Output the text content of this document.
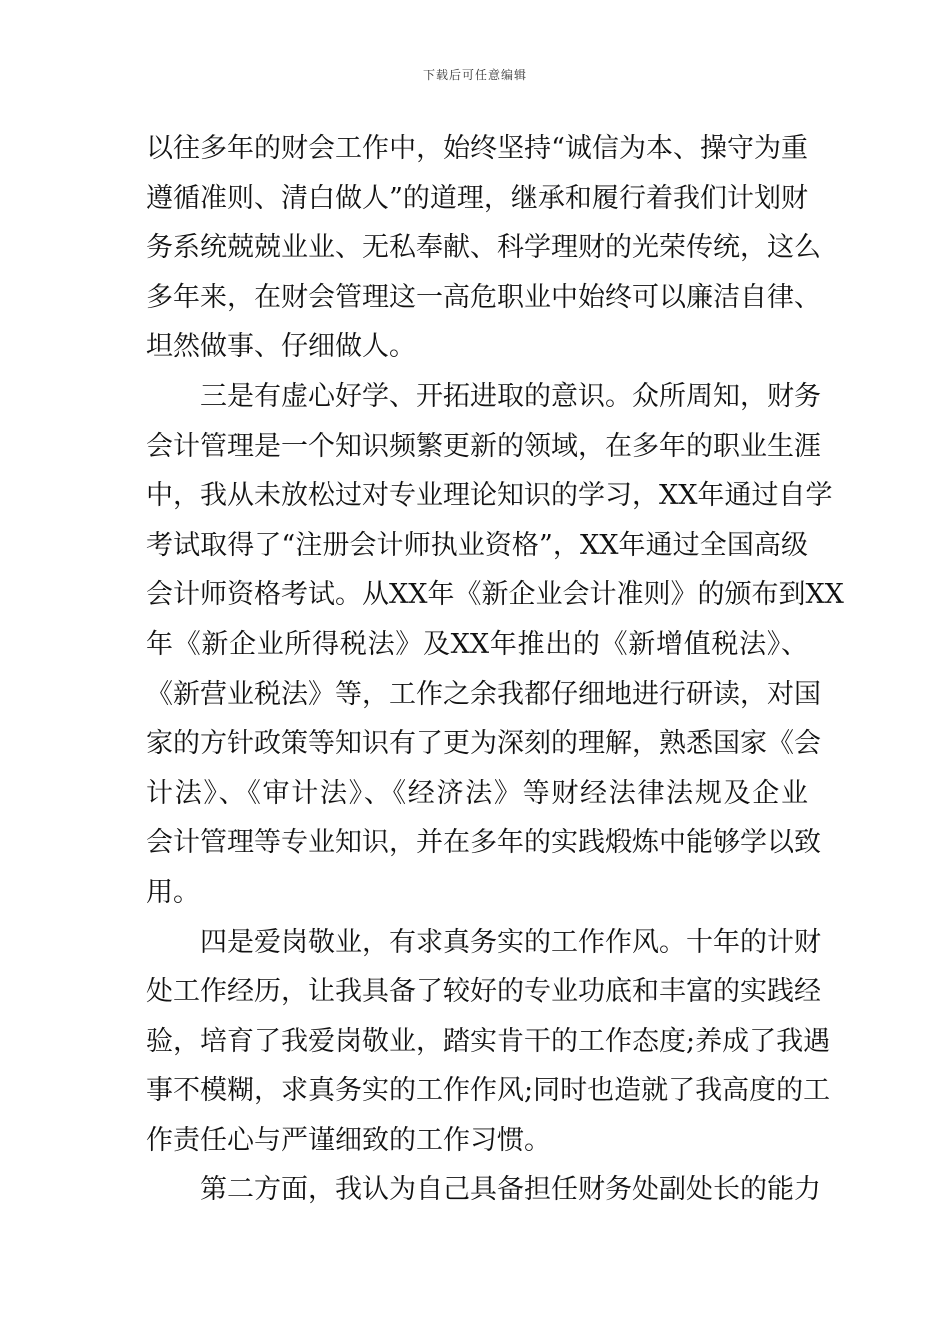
下载后可任意编辑
以往多年的财会工作中，始终坚持“诚信为本、操守为重
遵循准则、清白做人”的道理，继承和履行着我们计划财
务系统兢兢业业、无私奉献、科学理财的光荣传统，这么
多年来，在财会管理这一高危职业中始终可以廉洁自律、
坦然做事、仔细做人。
三是有虚心好学、开拓进取的意识。众所周知，财务
会计管理是一个知识频繁更新的领域，在多年的职业生涯
中，我从未放松过对专业理论知识的学习，XX年通过自学
考试取得了“注册会计师执业资格”，XX年通过全国高级
会计师资格考试。从XX年《新企业会计准则》的颁布到XX
年《新企业所得税法》及XX年推出的《新增值税法》、
《新营业税法》等，工作之余我都仔细地进行研读，对国
家的方针政策等知识有了更为深刻的理解，熟悉国家《会
计法》、《审计法》、《经济法》等财经法律法规及企业
会计管理等专业知识，并在多年的实践煅炼中能够学以致
用。
四是爱岗敬业，有求真务实的工作作风。十年的计财
处工作经历，让我具备了较好的专业功底和丰富的实践经
验，培育了我爱岗敬业，踏实肯干的工作态度;养成了我遇
事不模糊，求真务实的工作作风;同时也造就了我高度的工
作责任心与严谨细致的工作习惯。
第二方面，我认为自己具备担任财务处副处长的能力
